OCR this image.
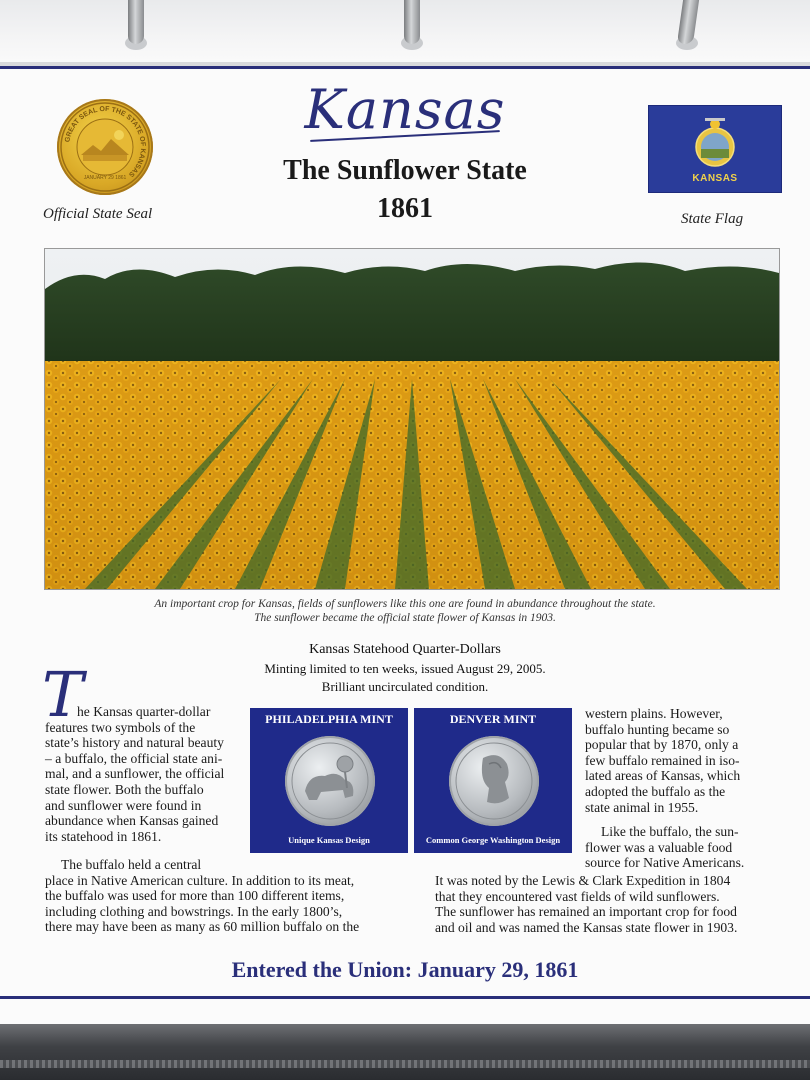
Kansas
The Sunflower State
1861
GREAT SEAL OF THE STATE OF KANSAS
JANUARY 29 1861
Official State Seal
KANSAS
State Flag
An important crop for Kansas, fields of sunflowers like this one are found in abundance throughout the state.
The sunflower became the official state flower of Kansas in 1903.
Kansas Statehood Quarter-Dollars
Minting limited to ten weeks, issued August 29, 2005.
Brilliant uncirculated condition.
PHILADELPHIA MINT
Unique Kansas Design
DENVER MINT
Common George Washington Design
T
he Kansas quarter-dollar
features two symbols of the
state’s history and natural beauty
– a buffalo, the official state ani-
mal, and a sunflower, the official
state flower. Both the buffalo
and sunflower were found in
abundance when Kansas gained
its statehood in 1861.
The buffalo held a central
place in Native American culture. In addition to its meat,
the buffalo was used for more than 100 different items,
including clothing and bowstrings. In the early 1800’s,
there may have been as many as 60 million buffalo on the
western plains. However,
buffalo hunting became so
popular that by 1870, only a
few buffalo remained in iso-
lated areas of Kansas, which
adopted the buffalo as the
state animal in 1955.
Like the buffalo, the sun-
flower was a valuable food
source for Native Americans.
It was noted by the Lewis & Clark Expedition in 1804
that they encountered vast fields of wild sunflowers.
The sunflower has remained an important crop for food
and oil and was named the Kansas state flower in 1903.
Entered the Union: January 29, 1861
